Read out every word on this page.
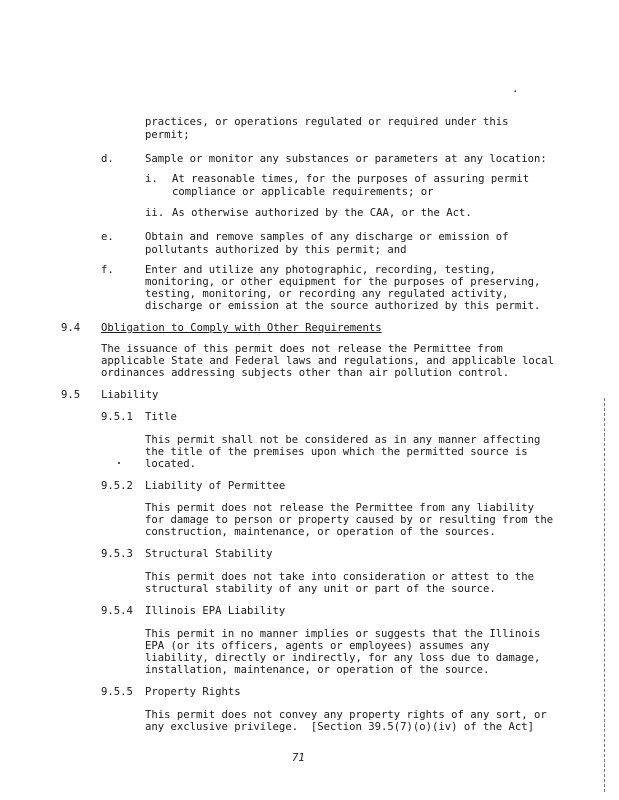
·
practices, or operations regulated or required under this
permit;
d.	Sample or monitor any substances or parameters at any location:
i. At reasonable times, for the purposes of assuring permit
compliance or applicable requirements; or
ii. As otherwise authorized by the CAA, or the Act.
e.	Obtain and remove samples of any discharge or emission of
pollutants authorized by this permit; and
f.	Enter and utilize any photographic, recording, testing,
monitoring, or other equipment for the purposes of preserving,
testing, monitoring, or recording any regulated activity,
discharge or emission at the source authorized by this permit.
9.4 Obligation to Comply with Other Requirements
The issuance of this permit does not release the Permittee from
applicable State and Federal laws and regulations, and applicable local
ordinances addressing subjects other than air pollution control.
9.5 Liability
9.5.1 Title
This permit shall not be considered as in any manner affecting
the title of the premises upon which the permitted source is
located.
9.5.2 Liability of Permittee
This permit does not release the Permittee from any liability
for damage to person or property caused by or resulting from the
construction, maintenance, or operation of the sources.
9.5.3 Structural Stability
This permit does not take into consideration or attest to the
structural stability of any unit or part of the source.
9.5.4 Illinois EPA Liability
This permit in no manner implies or suggests that the Illinois
EPA (or its officers, agents or employees) assumes any
liability, directly or indirectly, for any loss due to damage,
installation, maintenance, or operation of the source.
9.5.5 Property Rights
This permit does not convey any property rights of any sort, or
any exclusive privilege.  [Section 39.5(7)(o)(iv) of the Act]
71
